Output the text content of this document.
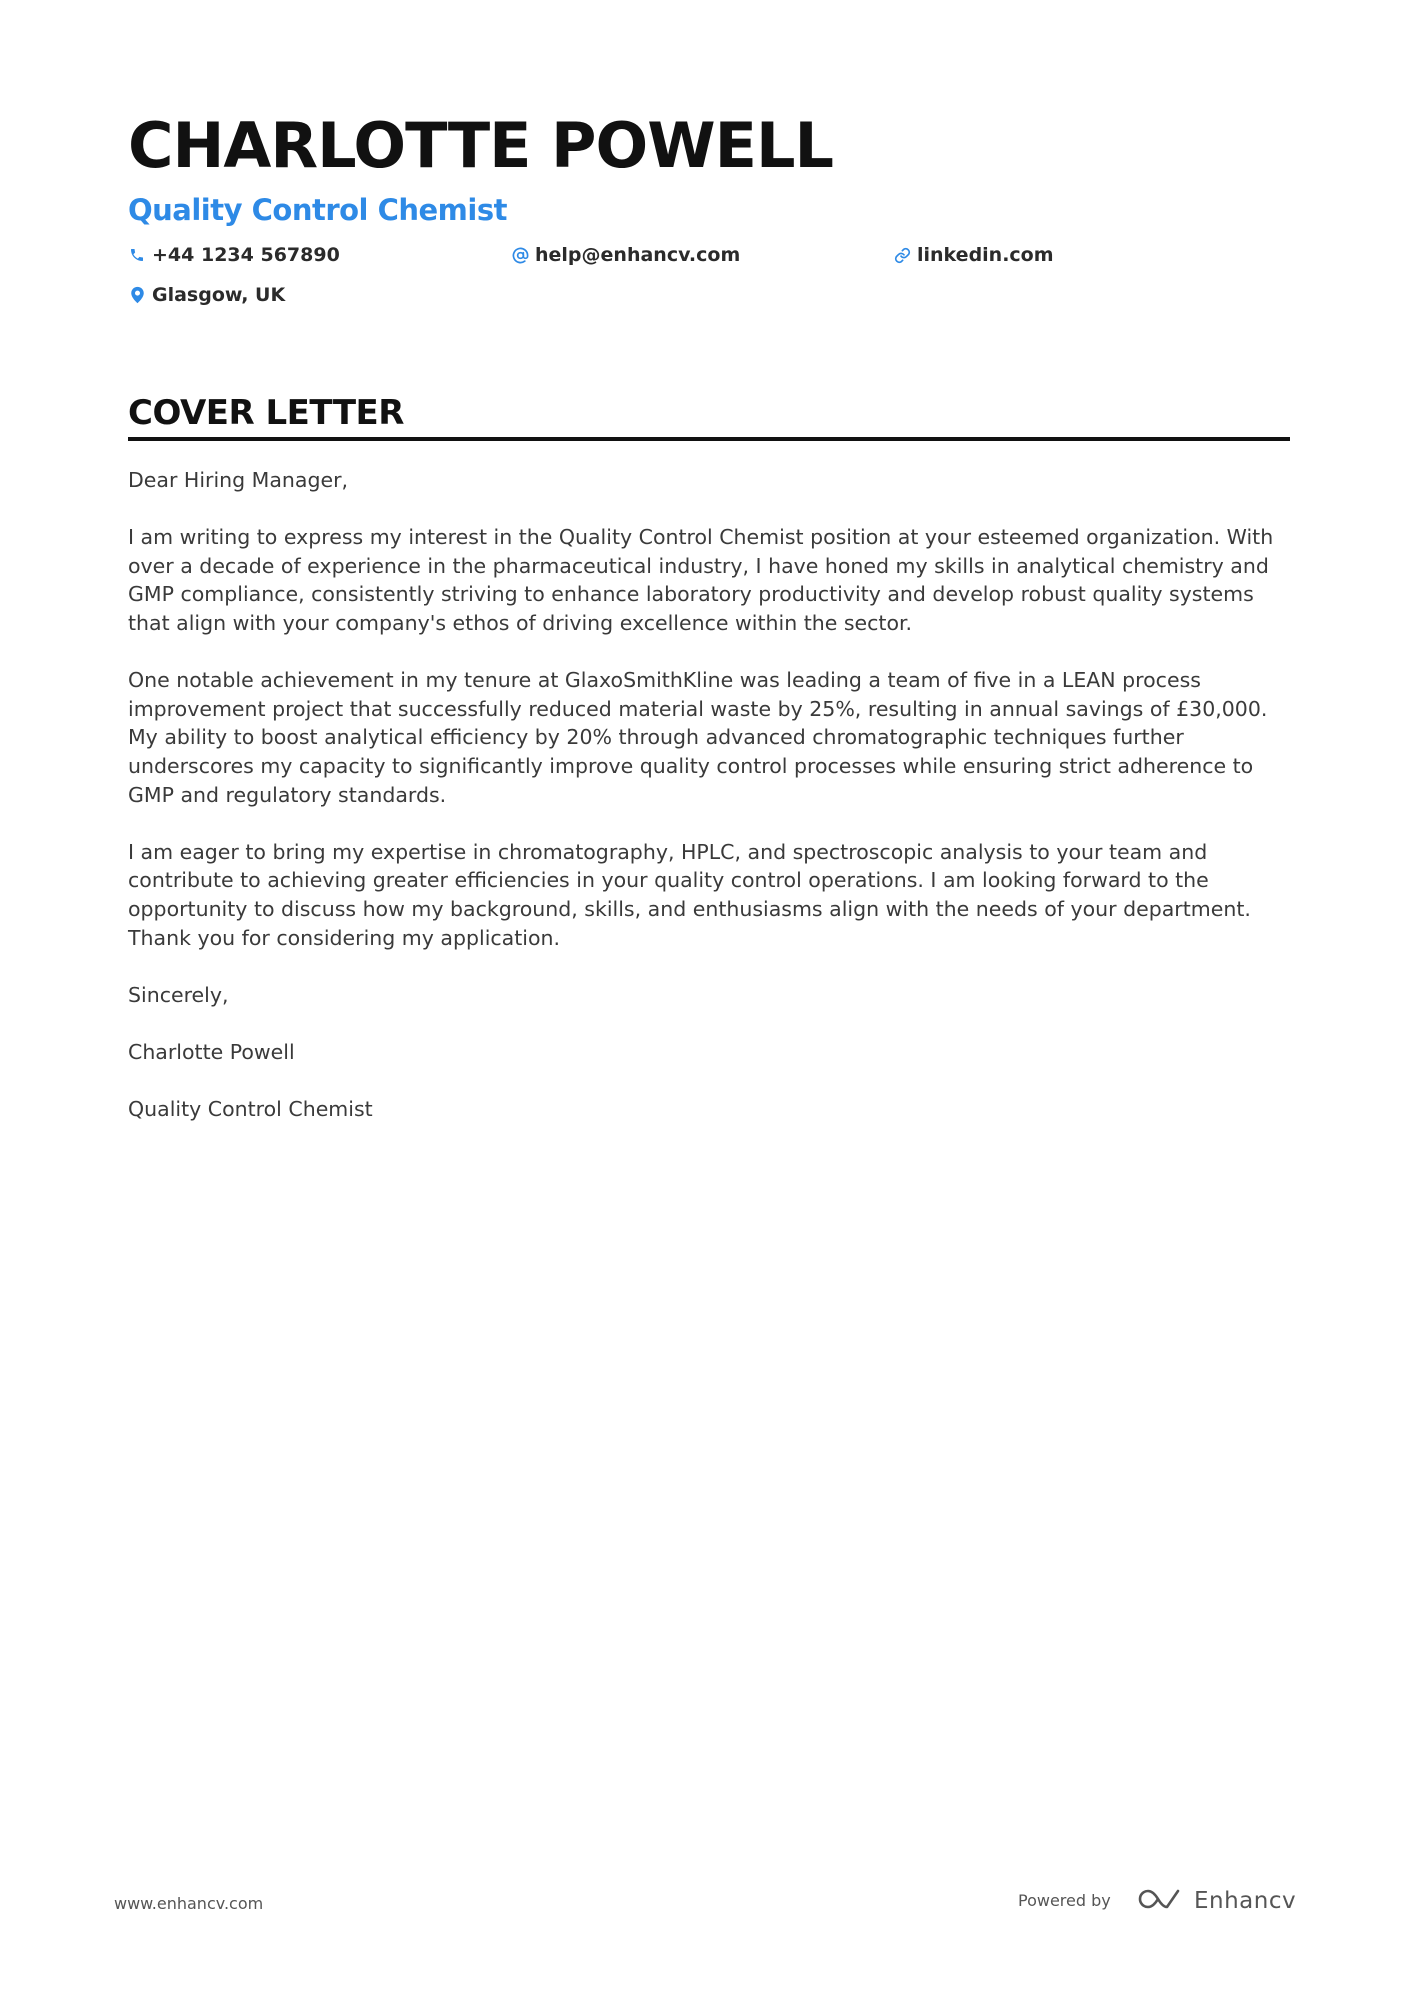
CHARLOTTE POWELL
Quality Control Chemist
+44 1234 567890	help@enhancv.com	linkedin.com
Glasgow, UK
COVER LETTER

Dear Hiring Manager,

I am writing to express my interest in the Quality Control Chemist position at your esteemed organization. With over a decade of experience in the pharmaceutical industry, I have honed my skills in analytical chemistry and GMP compliance, consistently striving to enhance laboratory productivity and develop robust quality systems that align with your company's ethos of driving excellence within the sector.

One notable achievement in my tenure at GlaxoSmithKline was leading a team of five in a LEAN process improvement project that successfully reduced material waste by 25%, resulting in annual savings of £30,000. My ability to boost analytical efficiency by 20% through advanced chromatographic techniques further underscores my capacity to significantly improve quality control processes while ensuring strict adherence to GMP and regulatory standards.

I am eager to bring my expertise in chromatography, HPLC, and spectroscopic analysis to your team and contribute to achieving greater efficiencies in your quality control operations. I am looking forward to the opportunity to discuss how my background, skills, and enthusiasms align with the needs of your department. Thank you for considering my application.

Sincerely,

Charlotte Powell

Quality Control Chemist

www.enhancv.com	Powered by	Enhancv
